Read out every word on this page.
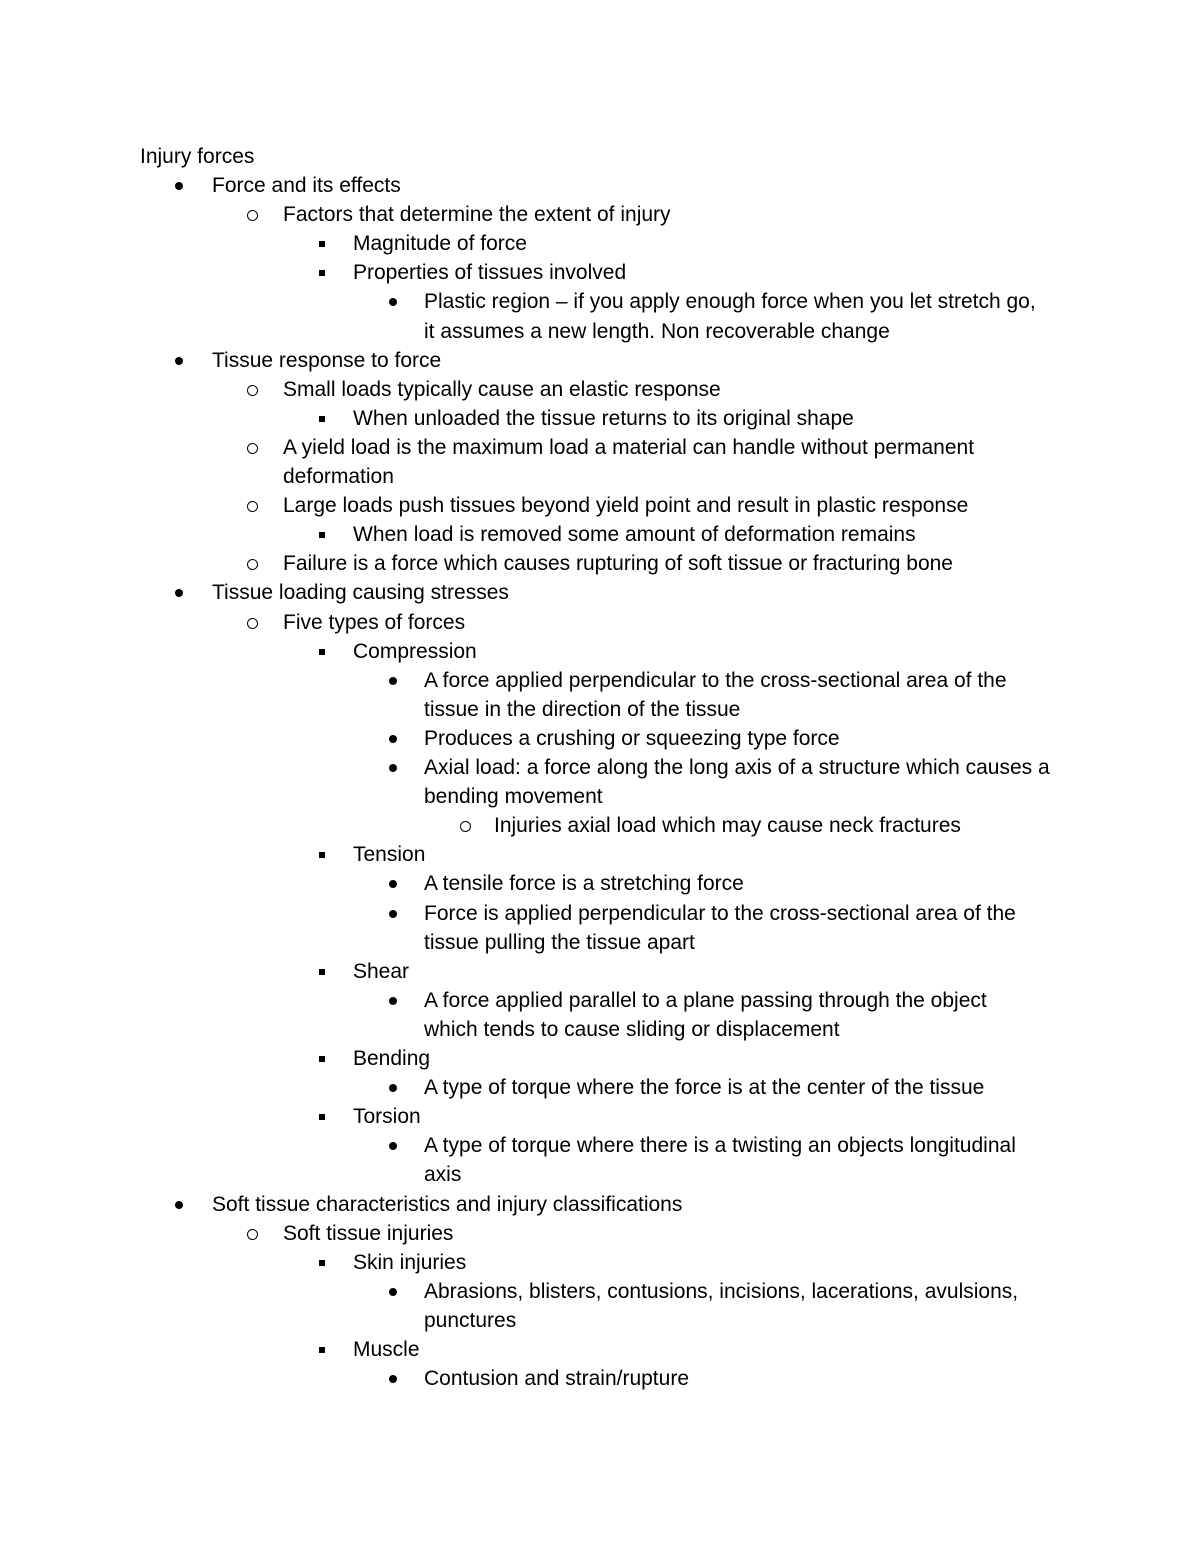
Injury forces
Force and its effects
Factors that determine the extent of injury
Magnitude of force
Properties of tissues involved
Plastic region – if you apply enough force when you let stretch go,
it assumes a new length. Non recoverable change
Tissue response to force
Small loads typically cause an elastic response
When unloaded the tissue returns to its original shape
A yield load is the maximum load a material can handle without permanent
deformation
Large loads push tissues beyond yield point and result in plastic response
When load is removed some amount of deformation remains
Failure is a force which causes rupturing of soft tissue or fracturing bone
Tissue loading causing stresses
Five types of forces
Compression
A force applied perpendicular to the cross-sectional area of the
tissue in the direction of the tissue
Produces a crushing or squeezing type force
Axial load: a force along the long axis of a structure which causes a
bending movement
Injuries axial load which may cause neck fractures
Tension
A tensile force is a stretching force
Force is applied perpendicular to the cross-sectional area of the
tissue pulling the tissue apart
Shear
A force applied parallel to a plane passing through the object
which tends to cause sliding or displacement
Bending
A type of torque where the force is at the center of the tissue
Torsion
A type of torque where there is a twisting an objects longitudinal
axis
Soft tissue characteristics and injury classifications
Soft tissue injuries
Skin injuries
Abrasions, blisters, contusions, incisions, lacerations, avulsions,
punctures
Muscle
Contusion and strain/rupture
